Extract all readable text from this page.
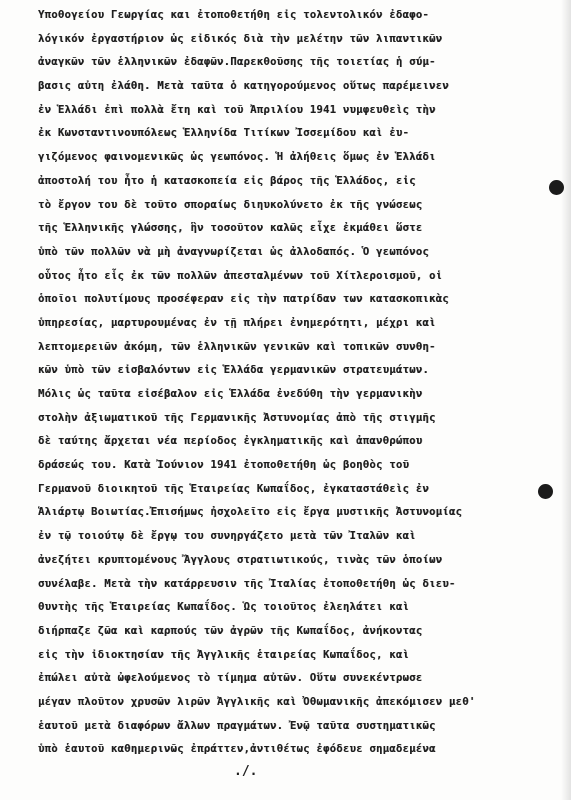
Ὑποθογείου Γεωργίας και ἐτοποθετήθη εἰς τολεντολικόν ἐδαφο-
λόγικόν ἐργαστήριον ὡς εἰδικός διὰ τὴν μελέτην τῶν λιπαντικῶν
ἀναγκῶν τῶν ἑλληνικῶν ἐδαφῶν.Παρεκθοῦσης τῆς τοιετίας ἡ σύμ-
βασις αὐτη ἐλάθη. Μετὰ ταῦτα ὁ κατηγορούμενος οὕτως παρέμεινεν
ἐν Ἑλλάδι ἐπὶ πολλὰ ἔτη καὶ τοῦ Ἀπριλίου 1941 νυμφευθεὶς τὴν
ἐκ Κωνσταντινουπόλεως Ἑλληνίδα Τιτίκων Ἰσσεμίδου καὶ ἐυ-
γιζόμενος φαινομενικῶς ὡς γεωπόνος. Ἡ ἀλήθεις ὅμως ἐν Ἑλλάδι
ἀποστολή του ἦτο ἡ κατασκοπεία εἰς βάρος τῆς Ἑλλάδος, εἰς
τὸ ἔργον του δὲ τοῦτο σποραίως διηυκολύνετο ἐκ τῆς γνώσεως
τῆς Ἑλληνικῆς γλώσσης, ἣν τοσοῦτον καλῶς εἶχε ἐκμάθει ὥστε
ὑπὸ τῶν πολλῶν νὰ μὴ ἀναγνωρίζεται ὡς ἀλλοδαπός. Ὁ γεωπόνος
οὗτος ἦτο εἷς ἐκ τῶν πολλῶν ἀπεσταλμένων τοῦ Χίτλεροισμοῦ, οἱ
ὁποῖοι πολυτίμους προσέφεραν εἰς τὴν πατρίδαν των κατασκοπικὰς
ὑπηρεσίας, μαρτυρουμένας ἐν τῇ πλήρει ἐνημερότητι, μέχρι καὶ
λεπτομερειῶν ἀκόμη, τῶν ἑλληνικῶν γενικῶν καὶ τοπικῶν συνθη-
κῶν ὑπὸ τῶν εἰσβαλόντων εἰς Ἑλλάδα γερμανικῶν στρατευμάτων.
Μόλις ὡς ταῦτα εἰσέβαλον εἰς Ἑλλάδα ἐνεδύθη τὴν γερμανικὴν
στολὴν ἀξιωματικοῦ τῆς Γερμανικῆς Ἀστυνομίας ἀπὸ τῆς στιγμῆς
δὲ ταύτης ἄρχεται νέα περίοδος ἐγκληματικῆς καὶ ἀπανθρώπου
δράσεώς του. Κατὰ Ἰούνιον 1941 ἐτοποθετήθη ὡς βοηθὸς τοῦ
Γερμανοῦ διοικητοῦ τῆς Ἑταιρείας Κωπαΐδος, ἐγκαταστάθεὶς ἐν
Ἁλιάρτῳ Βοιωτίας.Ἐπισήμως ἠσχολεῖτο εἰς ἔργα μυστικῆς Ἀστυνομίας
ἐν τῷ τοιούτῳ δὲ ἔργῳ του συνηργάζετο μετὰ τῶν Ἰταλῶν καὶ
ἀνεζήτει κρυπτομένους Ἄγγλους στρατιωτικούς, τινὰς τῶν ὁποίων
συνέλαβε. Μετὰ τὴν κατάρρευσιν τῆς Ἰταλίας ἐτοποθετήθη ὡς διευ-
θυντὴς τῆς Ἑταιρείας Κωπαΐδος. Ὡς τοιοῦτος ἐλεηλάτει καὶ
διήρπαζε ζῶα καὶ καρπούς τῶν ἀγρῶν τῆς Κωπαΐδος, ἀνήκοντας
εἰς τὴν ἰδιοκτησίαν τῆς Ἀγγλικῆς ἑταιρείας Κωπαΐδος, καὶ
ἐπώλει αὐτὰ ὠφελούμενος τὸ τίμημα αὐτῶν. Οὕτω συνεκέντρωσε
μέγαν πλοῦτον χρυσῶν λιρῶν Ἀγγλικῆς καὶ Ὀθωμανικῆς ἀπεκόμισεν μεθ'
ἑαυτοῦ μετὰ διαφόρων ἄλλων πραγμάτων. Ἐνῷ ταῦτα συστηματικῶς
ὑπὸ ἑαυτοῦ καθημερινῶς ἐπράττεν,ἀντιθέτως ἐφόδευε σημαδεμένα
./.
